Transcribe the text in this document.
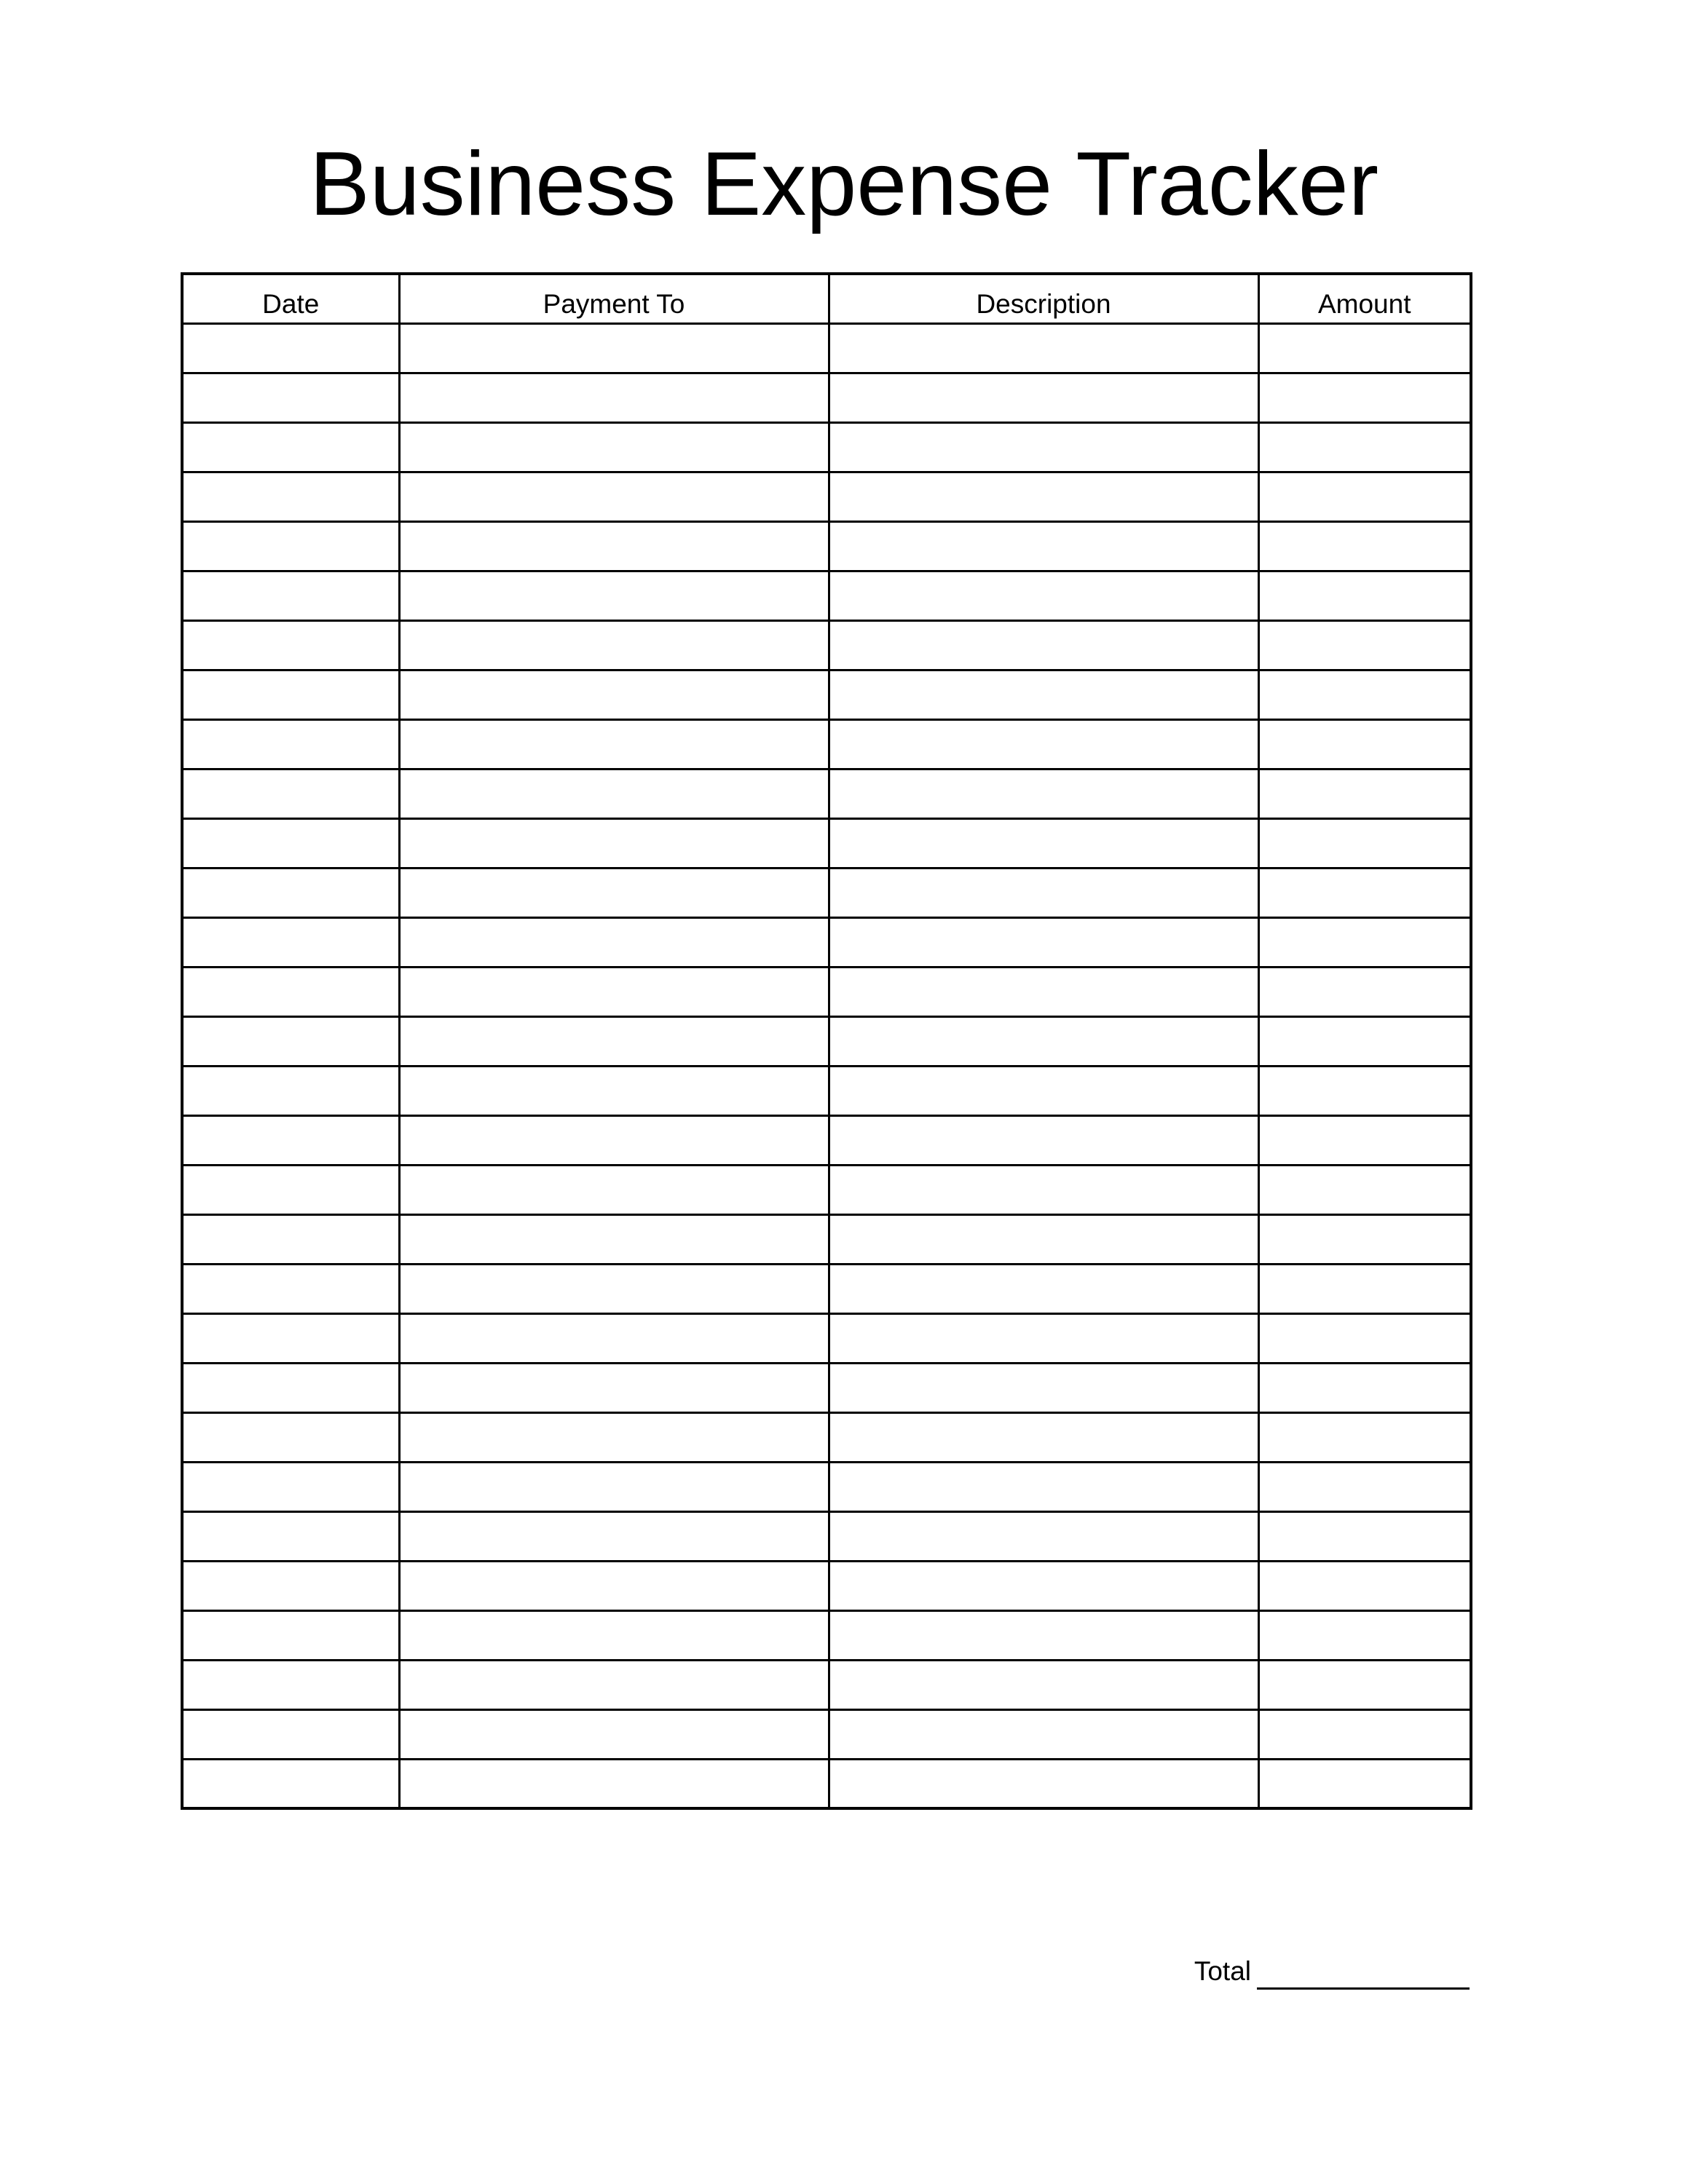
Business Expense Tracker
Date	Payment To	Description	Amount

Total
